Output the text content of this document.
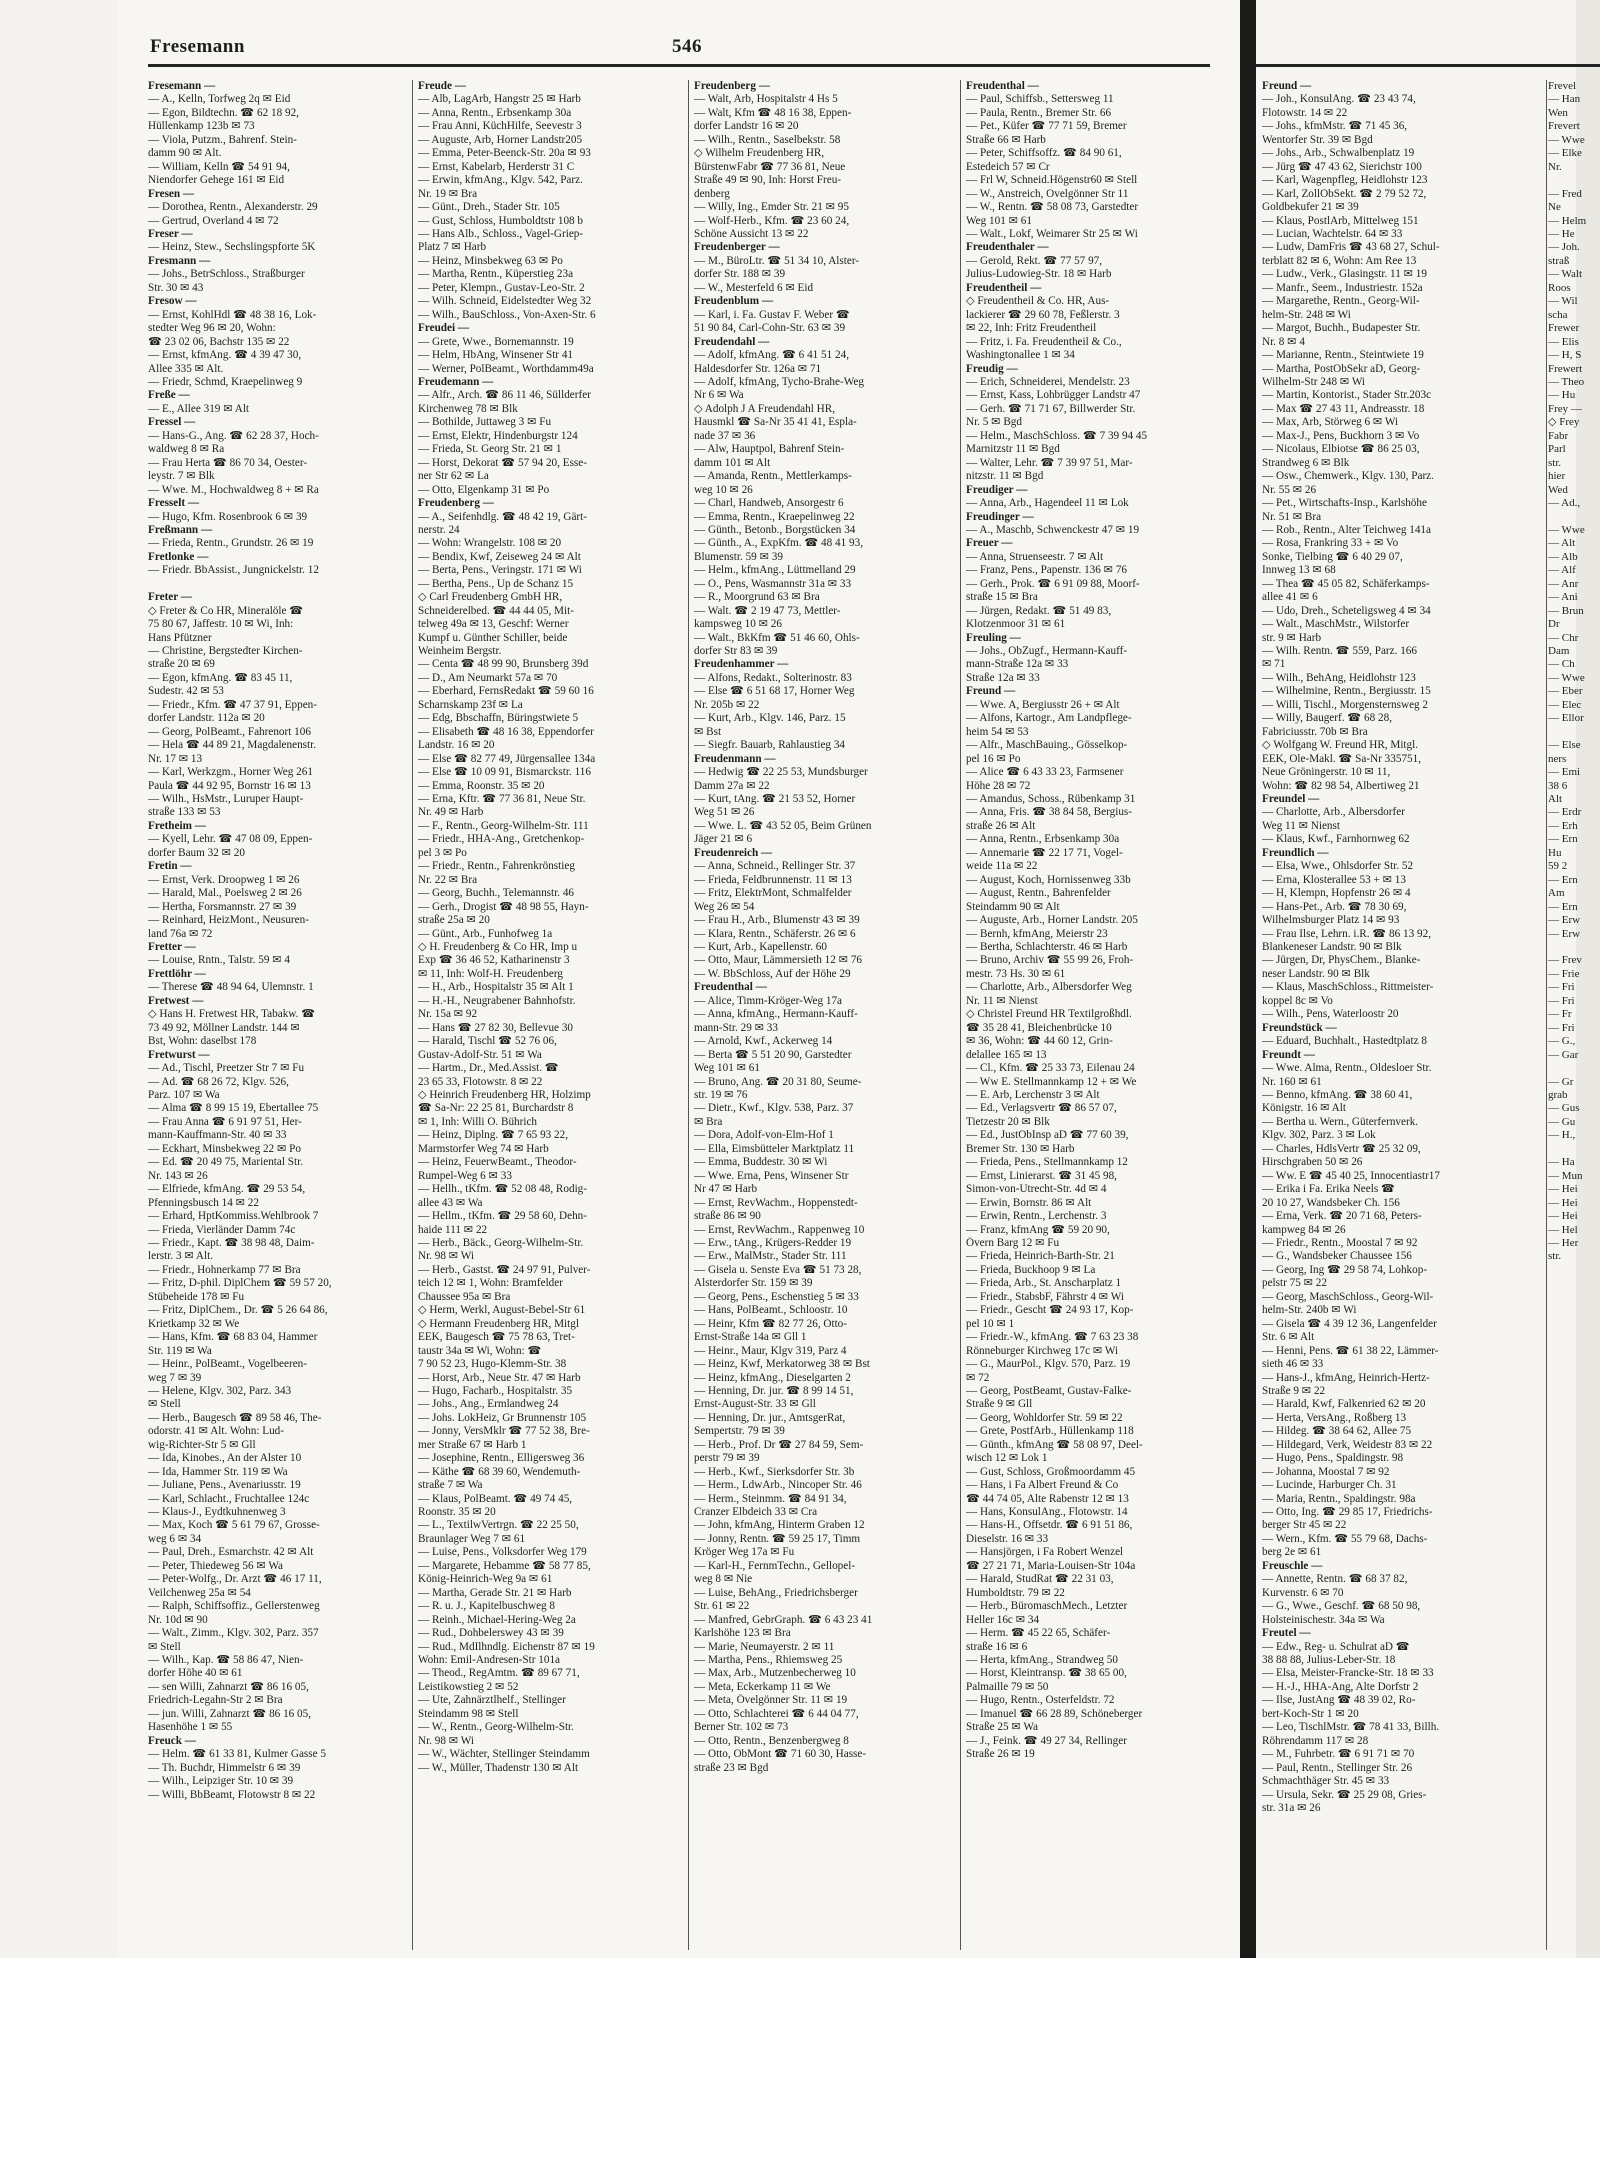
Fresemann	546
Fresemann —
— A., Kelln, Torfweg 2q ✉ Eid
— Egon, Bildtechn. ☎ 62 18 92,
Hüllenkamp 123b ✉ 73
— Viola, Putzm., Bahrenf. Stein-
damm 90 ✉ Alt.
— William, Kelln ☎ 54 91 94,
Niendorfer Gehege 161 ✉ Eid
Fresen —
— Dorothea, Rentn., Alexanderstr. 29
— Gertrud, Overland 4 ✉ 72
Freser —
— Heinz, Stew., Sechslingspforte 5K
Fresmann —
— Johs., BetrSchloss., Straßburger
Str. 30 ✉ 43
Fresow —
— Ernst, KohlHdl ☎ 48 38 16, Lok-
stedter Weg 96 ✉ 20, Wohn:
☎ 23 02 06, Bachstr 135 ✉ 22
— Ernst, kfmAng. ☎ 4 39 47 30,
Allee 335 ✉ Alt.
— Friedr, Schmd, Kraepelinweg 9
Freße —
— E., Allee 319 ✉ Alt
Fressel —
— Hans-G., Ang. ☎ 62 28 37, Hoch-
waldweg 8 ✉ Ra
— Frau Herta ☎ 86 70 34, Oester-
leystr. 7 ✉ Blk
— Wwe. M., Hochwaldweg 8 + ✉ Ra
Fresselt —
— Hugo, Kfm. Rosenbrook 6 ✉ 39
Freßmann —
— Frieda, Rentn., Grundstr. 26 ✉ 19
Fretlonke —
— Friedr. BbAssist., Jungnickelstr. 12

Freter —
◇ Freter & Co HR, Mineralöle ☎
75 80 67, Jaffestr. 10 ✉ Wi, Inh:
Hans Pfützner
— Christine, Bergstedter Kirchen-
straße 20 ✉ 69
— Egon, kfmAng. ☎ 83 45 11,
Sudestr. 42 ✉ 53
— Friedr., Kfm. ☎ 47 37 91, Eppen-
dorfer Landstr. 112a ✉ 20
— Georg, PolBeamt., Fahrenort 106
— Hela ☎ 44 89 21, Magdalenenstr.
Nr. 17 ✉ 13
— Karl, Werkzgm., Horner Weg 261
Paula ☎ 44 92 95, Bornstr 16 ✉ 13
— Wilh., HsMstr., Luruper Haupt-
straße 133 ✉ 53
Fretheim —
— Kyell, Lehr. ☎ 47 08 09, Eppen-
dorfer Baum 32 ✉ 20
Fretin —
— Ernst, Verk. Droopweg 1 ✉ 26
— Harald, Mal., Poelsweg 2 ✉ 26
— Hertha, Forsmannstr. 27 ✉ 39
— Reinhard, HeizMont., Neusuren-
land 76a ✉ 72
Fretter —
— Louise, Rntn., Talstr. 59 ✉ 4
Frettlöhr —
— Therese ☎ 48 94 64, Ulemnstr. 1
Fretwest —
◇ Hans H. Fretwest HR, Tabakw. ☎
73 49 92, Möllner Landstr. 144 ✉
Bst, Wohn: daselbst 178
Fretwurst —
— Ad., Tischl, Preetzer Str 7 ✉ Fu
— Ad. ☎ 68 26 72, Klgv. 526,
Parz. 107 ✉ Wa
— Alma ☎ 8 99 15 19, Ebertallee 75
— Frau Anna ☎ 6 91 97 51, Her-
mann-Kauffmann-Str. 40 ✉ 33
— Eckhart, Minsbekweg 22 ✉ Po
— Ed. ☎ 20 49 75, Mariental Str.
Nr. 143 ✉ 26
— Elfriede, kfmAng. ☎ 29 53 54,
Pfenningsbusch 14 ✉ 22
— Erhard, HptKommiss.Wehlbrook 7
— Frieda, Vierländer Damm 74c
— Friedr., Kapt. ☎ 38 98 48, Daim-
lerstr. 3 ✉ Alt.
— Friedr., Hohnerkamp 77 ✉ Bra
— Fritz, D-phil. DiplChem ☎ 59 57 20,
Stübeheide 178 ✉ Fu
— Fritz, DiplChem., Dr. ☎ 5 26 64 86,
Krietkamp 32 ✉ We
— Hans, Kfm. ☎ 68 83 04, Hammer
Str. 119 ✉ Wa
— Heinr., PolBeamt., Vogelbeeren-
weg 7 ✉ 39
— Helene, Klgv. 302, Parz. 343
✉ Stell
— Herb., Baugesch ☎ 89 58 46, The-
odorstr. 41 ✉ Alt. Wohn: Lud-
wig-Richter-Str 5 ✉ Gll
— Ida, Kinobes., An der Alster 10
— Ida, Hammer Str. 119 ✉ Wa
— Juliane, Pens., Avenariusstr. 19
— Karl, Schlacht., Fruchtallee 124c
— Klaus-J., Eydtkuhnenweg 3
— Max, Koch ☎ 5 61 79 67, Grosse-
weg 6 ✉ 34
— Paul, Dreh., Esmarchstr. 42 ✉ Alt
— Peter, Thiedeweg 56 ✉ Wa
— Peter-Wolfg., Dr. Arzt ☎ 46 17 11,
Veilchenweg 25a ✉ 54
— Ralph, Schiffsoffiz., Gellerstenweg
Nr. 10d ✉ 90
— Walt., Zimm., Klgv. 302, Parz. 357
✉ Stell
— Wilh., Kap. ☎ 58 86 47, Nien-
dorfer Höhe 40 ✉ 61
— sen Willi, Zahnarzt ☎ 86 16 05,
Friedrich-Legahn-Str 2 ✉ Bra
— jun. Willi, Zahnarzt ☎ 86 16 05,
Hasenhöhe 1 ✉ 55
Freuck —
— Helm. ☎ 61 33 81, Kulmer Gasse 5
— Th. Buchdr, Himmelstr 6 ✉ 39
— Wilh., Leipziger Str. 10 ✉ 39
— Willi, BbBeamt, Flotowstr 8 ✉ 22
Freude —
— Alb, LagArb, Hangstr 25 ✉ Harb
— Anna, Rentn., Erbsenkamp 30a
— Frau Anni, KüchHilfe, Seevestr 3
— Auguste, Arb, Horner Landstr205
— Emma, Peter-Beenck-Str. 20a ✉ 93
— Ernst, Kabelarb, Herderstr 31 C
— Erwin, kfmAng., Klgv. 542, Parz.
Nr. 19 ✉ Bra
— Günt., Dreh., Stader Str. 105
— Gust, Schloss, Humboldtstr 108 b
— Hans Alb., Schloss., Vagel-Griep-
Platz 7 ✉ Harb
— Heinz, Minsbekweg 63 ✉ Po
— Martha, Rentn., Küperstieg 23a
— Peter, Klempn., Gustav-Leo-Str. 2
— Wilh. Schneid, Eidelstedter Weg 32
— Wilh., BauSchloss., Von-Axen-Str. 6
Freudei —
— Grete, Wwe., Bornemannstr. 19
— Helm, HbAng, Winsener Str 41
— Werner, PolBeamt., Worthdamm49a
Freudemann —
— Alfr., Arch. ☎ 86 11 46, Süllderfer
Kirchenweg 78 ✉ Blk
— Bothilde, Juttaweg 3 ✉ Fu
— Ernst, Elektr, Hindenburgstr 124
— Frieda, St. Georg Str. 21 ✉ 1
— Horst, Dekorat ☎ 57 94 20, Esse-
ner Str 62 ✉ La
— Otto, Elgenkamp 31 ✉ Po
Freudenberg —
— A., Seifenhdlg. ☎ 48 42 19, Gärt-
nerstr. 24
— Wohn: Wrangelstr. 108 ✉ 20
— Bendix, Kwf, Zeiseweg 24 ✉ Alt
— Berta, Pens., Veringstr. 171 ✉ Wi
— Bertha, Pens., Up de Schanz 15
◇ Carl Freudenberg GmbH HR,
Schneiderelbed. ☎ 44 44 05, Mit-
telweg 49a ✉ 13, Geschf: Werner
Kumpf u. Günther Schiller, beide
Weinheim Bergstr.
— Centa ☎ 48 99 90, Brunsberg 39d
— D., Am Neumarkt 57a ✉ 70
— Eberhard, FernsRedakt ☎ 59 60 16
Scharnskamp 23f ✉ La
— Edg, Bbschaffn, Büringstwiete 5
— Elisabeth ☎ 48 16 38, Eppendorfer
Landstr. 16 ✉ 20
— Else ☎ 82 77 49, Jürgensallee 134a
— Else ☎ 10 09 91, Bismarckstr. 116
— Emma, Roonstr. 35 ✉ 20
— Erna, Kftr. ☎ 77 36 81, Neue Str.
Nr. 49 ✉ Harb
— F., Rentn., Georg-Wilhelm-Str. 111
— Friedr., HHA-Ang., Gretchenkop-
pel 3 ✉ Po
— Friedr., Rentn., Fahrenkrönstieg
Nr. 22 ✉ Bra
— Georg, Buchh., Telemannstr. 46
— Gerh., Drogist ☎ 48 98 55, Hayn-
straße 25a ✉ 20
— Günt., Arb., Funhofweg 1a
◇ H. Freudenberg & Co HR, Imp u
Exp ☎ 36 46 52, Katharinenstr 3
✉ 11, Inh: Wolf-H. Freudenberg
— H., Arb., Hospitalstr 35 ✉ Alt 1
— H.-H., Neugrabener Bahnhofstr.
Nr. 15a ✉ 92
— Hans ☎ 27 82 30, Bellevue 30
— Harald, Tischl ☎ 52 76 06,
Gustav-Adolf-Str. 51 ✉ Wa
— Hartm., Dr., Med.Assist. ☎
23 65 33, Flotowstr. 8 ✉ 22
◇ Heinrich Freudenberg HR, Holzimp
☎ Sa-Nr: 22 25 81, Burchardstr 8
✉ 1, Inh: Willi O. Bührich
— Heinz, Diplng. ☎ 7 65 93 22,
Marmstorfer Weg 74 ✉ Harb
— Heinz, FeuerwBeamt., Theodor-
Rumpel-Weg 6 ✉ 33
— Hellh., tKfm. ☎ 52 08 48, Rodig-
allee 43 ✉ Wa
— Hellm., tKfm. ☎ 29 58 60, Dehn-
haide 111 ✉ 22
— Herb., Bäck., Georg-Wilhelm-Str.
Nr. 98 ✉ Wi
— Herb., Gastst. ☎ 24 97 91, Pulver-
teich 12 ✉ 1, Wohn: Bramfelder
Chaussee 95a ✉ Bra
◇ Herm, Werkl, August-Bebel-Str 61
◇ Hermann Freudenberg HR, Mitgl
EEK, Baugesch ☎ 75 78 63, Tret-
taustr 34a ✉ Wi, Wohn: ☎
7 90 52 23, Hugo-Klemm-Str. 38
— Horst, Arb., Neue Str. 47 ✉ Harb
— Hugo, Facharb., Hospitalstr. 35
— Johs., Ang., Ermlandweg 24
— Johs. LokHeiz, Gr Brunnenstr 105
— Jonny, VersMklr ☎ 77 52 38, Bre-
mer Straße 67 ✉ Harb 1
— Josephine, Rentn., Elligersweg 36
— Käthe ☎ 68 39 60, Wendemuth-
straße 7 ✉ Wa
— Klaus, PolBeamt. ☎ 49 74 45,
Roonstr. 35 ✉ 20
— L., TextilwVertrgn. ☎ 22 25 50,
Braunlager Weg 7 ✉ 61
— Luise, Pens., Volksdorfer Weg 179
— Margarete, Hebamme ☎ 58 77 85,
König-Heinrich-Weg 9a ✉ 61
— Martha, Gerade Str. 21 ✉ Harb
— R. u. J., Kapitelbuschweg 8
— Reinh., Michael-Hering-Weg 2a
— Rud., Dohbelerswey 43 ✉ 39
— Rud., MdIlhndlg. Eichenstr 87 ✉ 19
Wohn: Emil-Andresen-Str 101a
— Theod., RegAmtm. ☎ 89 67 71,
Leistikowstieg 2 ✉ 52
— Ute, Zahnärztlhelf., Stellinger
Steindamm 98 ✉ Stell
— W., Rentn., Georg-Wilhelm-Str.
Nr. 98 ✉ Wi
— W., Wächter, Stellinger Steindamm
— W., Müller, Thadenstr 130 ✉ Alt
Freudenberg —
— Walt, Arb, Hospitalstr 4 Hs 5
— Walt, Kfm ☎ 48 16 38, Eppen-
dorfer Landstr 16 ✉ 20
— Wilh., Rentn., Saselbekstr. 58
◇ Wilhelm Freudenberg HR,
BürstenwFabr ☎ 77 36 81, Neue
Straße 49 ✉ 90, Inh: Horst Freu-
denberg
— Willy, Ing., Emder Str. 21 ✉ 95
— Wolf-Herb., Kfm. ☎ 23 60 24,
Schöne Aussicht 13 ✉ 22
Freudenberger —
— M., BüroLtr. ☎ 51 34 10, Alster-
dorfer Str. 188 ✉ 39
— W., Mesterfeld 6 ✉ Eid
Freudenblum —
— Karl, i. Fa. Gustav F. Weber ☎
51 90 84, Carl-Cohn-Str. 63 ✉ 39
Freudendahl —
— Adolf, kfmAng. ☎ 6 41 51 24,
Haldesdorfer Str. 126a ✉ 71
— Adolf, kfmAng, Tycho-Brahe-Weg
Nr 6 ✉ Wa
◇ Adolph J A Freudendahl HR,
Hausmkl ☎ Sa-Nr 35 41 41, Espla-
nade 37 ✉ 36
— Alw, Hauptpol, Bahrenf Stein-
damm 101 ✉ Alt
— Amanda, Rentn., Mettlerkamps-
weg 10 ✉ 26
— Charl, Handweb, Ansorgestr 6
— Emma, Rentn., Kraepelinweg 22
— Günth., Betonb., Borgstücken 34
— Günth., A., ExpKfm. ☎ 48 41 93,
Blumenstr. 59 ✉ 39
— Helm., kfmAng., Lüttmelland 29
— O., Pens, Wasmannstr 31a ✉ 33
— R., Moorgrund 63 ✉ Bra
— Walt. ☎ 2 19 47 73, Mettler-
kampsweg 10 ✉ 26
— Walt., BkKfm ☎ 51 46 60, Ohls-
dorfer Str 83 ✉ 39
Freudenhammer —
— Alfons, Redakt., Solterinostr. 83
— Else ☎ 6 51 68 17, Horner Weg
Nr. 205b ✉ 22
— Kurt, Arb., Klgv. 146, Parz. 15
✉ Bst
— Siegfr. Bauarb, Rahlaustieg 34
Freudenmann —
— Hedwig ☎ 22 25 53, Mundsburger
Damm 27a ✉ 22
— Kurt, tAng. ☎ 21 53 52, Horner
Weg 51 ✉ 26
— Wwe. L. ☎ 43 52 05, Beim Grünen
Jäger 21 ✉ 6
Freudenreich —
— Anna, Schneid., Rellinger Str. 37
— Frieda, Feldbrunnenstr. 11 ✉ 13
— Fritz, ElektrMont, Schmalfelder
Weg 26 ✉ 54
— Frau H., Arb., Blumenstr 43 ✉ 39
— Klara, Rentn., Schäferstr. 26 ✉ 6
— Kurt, Arb., Kapellenstr. 60
— Otto, Maur, Lämmersieth 12 ✉ 76
— W. BbSchloss, Auf der Höhe 29
Freudenthal —
— Alice, Timm-Kröger-Weg 17a
— Anna, kfmAng., Hermann-Kauff-
mann-Str. 29 ✉ 33
— Arnold, Kwf., Ackerweg 14
— Berta ☎ 5 51 20 90, Garstedter
Weg 101 ✉ 61
— Bruno, Ang. ☎ 20 31 80, Seume-
str. 19 ✉ 76
— Dietr., Kwf., Klgv. 538, Parz. 37
✉ Bra
— Dora, Adolf-von-Elm-Hof 1
— Ella, Eimsbütteler Marktplatz 11
— Emma, Buddestr. 30 ✉ Wi
— Wwe. Erna, Pens, Winsener Str
Nr 47 ✉ Harb
— Ernst, RevWachm., Hoppenstedt-
straße 86 ✉ 90
— Ernst, RevWachm., Rappenweg 10
— Erw., tAng., Krügers-Redder 19
— Erw., MalMstr., Stader Str. 111
— Gisela u. Senste Eva ☎ 51 73 28,
Alsterdorfer Str. 159 ✉ 39
— Georg, Pens., Eschenstieg 5 ✉ 33
— Hans, PolBeamt., Schloostr. 10
— Heinr, Kfm ☎ 82 77 26, Otto-
Ernst-Straße 14a ✉ Gll 1
— Heinr., Maur, Klgv 319, Parz 4
— Heinz, Kwf, Merkatorweg 38 ✉ Bst
— Heinz, kfmAng., Dieselgarten 2
— Henning, Dr. jur. ☎ 8 99 14 51,
Ernst-August-Str. 33 ✉ Gll
— Henning, Dr. jur., AmtsgerRat,
Sempertstr. 79 ✉ 39
— Herb., Prof. Dr ☎ 27 84 59, Sem-
perstr 79 ✉ 39
— Herb., Kwf., Sierksdorfer Str. 3b
— Herm., LdwArb., Nincoper Str. 46
— Herm., Steinmm. ☎ 84 91 34,
Cranzer Elbdeich 33 ✉ Cra
— John, kfmAng, Hinterm Graben 12
— Jonny, Rentn. ☎ 59 25 17, Timm
Kröger Weg 17a ✉ Fu
— Karl-H., FernmTechn., Gellopel-
weg 8 ✉ Nie
— Luise, BehAng., Friedrichsberger
Str. 61 ✉ 22
— Manfred, GebrGraph. ☎ 6 43 23 41
Karlshöhe 123 ✉ Bra
— Marie, Neumayerstr. 2 ✉ 11
— Martha, Pens., Rhiemsweg 25
— Max, Arb., Mutzenbecherweg 10
— Meta, Eckerkamp 11 ✉ We
— Meta, Övelgönner Str. 11 ✉ 19
— Otto, Schlachterei ☎ 6 44 04 77,
Berner Str. 102 ✉ 73
— Otto, Rentn., Benzenbergweg 8
— Otto, ObMont ☎ 71 60 30, Hasse-
straße 23 ✉ Bgd
Freudenthal —
— Paul, Schiffsb., Settersweg 11
— Paula, Rentn., Bremer Str. 66
— Pet., Küfer ☎ 77 71 59, Bremer
Straße 66 ✉ Harb
— Peter, Schiffsoffz. ☎ 84 90 61,
Estedeich 57 ✉ Cr
— Frl W, Schneid.Högenstr60 ✉ Stell
— W., Anstreich, Ovelgönner Str 11
— W., Rentn. ☎ 58 08 73, Garstedter
Weg 101 ✉ 61
— Walt., Lokf, Weimarer Str 25 ✉ Wi
Freudenthaler —
— Gerold, Rekt. ☎ 77 57 97,
Julius-Ludowieg-Str. 18 ✉ Harb
Freudentheil —
◇ Freudentheil & Co. HR, Aus-
lackierer ☎ 29 60 78, Feßlerstr. 3
✉ 22, Inh: Fritz Freudentheil
— Fritz, i. Fa. Freudentheil & Co.,
Washingtonallee 1 ✉ 34
Freudig —
— Erich, Schneiderei, Mendelstr. 23
— Ernst, Kass, Lohbrügger Landstr 47
— Gerh. ☎ 71 71 67, Billwerder Str.
Nr. 5 ✉ Bgd
— Helm., MaschSchloss. ☎ 7 39 94 45
Marnitzstr 11 ✉ Bgd
— Walter, Lehr. ☎ 7 39 97 51, Mar-
nitzstr. 11 ✉ Bgd
Freudiger —
— Anna, Arb., Hagendeel 11 ✉ Lok
Freudinger —
— A., Maschb, Schwenckestr 47 ✉ 19
Freuer —
— Anna, Struenseestr. 7 ✉ Alt
— Franz, Pens., Papenstr. 136 ✉ 76
— Gerh., Prok. ☎ 6 91 09 88, Moorf-
straße 15 ✉ Bra
— Jürgen, Redakt. ☎ 51 49 83,
Klotzenmoor 31 ✉ 61
Freuling —
— Johs., ObZugf., Hermann-Kauff-
mann-Straße 12a ✉ 33
Straße 12a ✉ 33
Freund —
— Wwe. A, Bergiusstr 26 + ✉ Alt
— Alfons, Kartogr., Am Landpflege-
heim 54 ✉ 53
— Alfr., MaschBauing., Gösselkop-
pel 16 ✉ Po
— Alice ☎ 6 43 33 23, Farmsener
Höhe 28 ✉ 72
— Amandus, Schoss., Rübenkamp 31
— Anna, Fris. ☎ 38 84 58, Bergius-
straße 26 ✉ Alt
— Anna, Rentn., Erbsenkamp 30a
— Annemarie ☎ 22 17 71, Vogel-
weide 11a ✉ 22
— August, Koch, Hornissenweg 33b
— August, Rentn., Bahrenfelder
Steindamm 90 ✉ Alt
— Auguste, Arb., Horner Landstr. 205
— Bernh, kfmAng, Meierstr 23
— Bertha, Schlachterstr. 46 ✉ Harb
— Bruno, Archiv ☎ 55 99 26, Froh-
mestr. 73 Hs. 30 ✉ 61
— Charlotte, Arb., Albersdorfer Weg
Nr. 11 ✉ Nienst
◇ Christel Freund HR Textilgroßhdl.
☎ 35 28 41, Bleichenbrücke 10
✉ 36, Wohn: ☎ 44 60 12, Grin-
delallee 165 ✉ 13
— Cl., Kfm. ☎ 25 33 73, Eilenau 24
— Ww E. Stellmannkamp 12 + ✉ We
— E. Arb, Lerchenstr 3 ✉ Alt
— Ed., Verlagsvertr ☎ 86 57 07,
Tietzestr 20 ✉ Blk
— Ed., JustObInsp aD ☎ 77 60 39,
Bremer Str. 130 ✉ Harb
— Frieda, Pens., Stellmannkamp 12
— Ernst, Linierarst. ☎ 31 45 98,
Simon-von-Utrecht-Str. 4d ✉ 4
— Erwin, Bornstr. 86 ✉ Alt
— Erwin, Rentn., Lerchenstr. 3
— Franz, kfmAng ☎ 59 20 90,
Övern Barg 12 ✉ Fu
— Frieda, Heinrich-Barth-Str. 21
— Frieda, Buckhoop 9 ✉ La
— Frieda, Arb., St. Anscharplatz 1
— Friedr., StabsbF, Fährstr 4 ✉ Wi
— Friedr., Gescht ☎ 24 93 17, Kop-
pel 10 ✉ 1
— Friedr.-W., kfmAng. ☎ 7 63 23 38
Rönneburger Kirchweg 17c ✉ Wi
— G., MaurPol., Klgv. 570, Parz. 19
✉ 72
— Georg, PostBeamt, Gustav-Falke-
Straße 9 ✉ Gll
— Georg, Wohldorfer Str. 59 ✉ 22
— Grete, PostfArb., Hüllenkamp 118
— Günth., kfmAng ☎ 58 08 97, Deel-
wisch 12 ✉ Lok 1
— Gust, Schloss, Großmoordamm 45
— Hans, i Fa Albert Freund & Co
☎ 44 74 05, Alte Rabenstr 12 ✉ 13
— Hans, KonsulAng., Flotowstr. 14
— Hans-H., Offsetdr. ☎ 6 91 51 86,
Dieselstr. 16 ✉ 33
— Hansjörgen, i Fa Robert Wenzel
☎ 27 21 71, Maria-Louisen-Str 104a
— Harald, StudRat ☎ 22 31 03,
Humboldtstr. 79 ✉ 22
— Herb., BüromaschMech., Letzter
Heller 16c ✉ 34
— Herm. ☎ 45 22 65, Schäfer-
straße 16 ✉ 6
— Herta, kfmAng., Strandweg 50
— Horst, Kleintransp. ☎ 38 65 00,
Palmaille 79 ✉ 50
— Hugo, Rentn., Osterfeldstr. 72
— Imanuel ☎ 66 28 89, Schöneberger
Straße 25 ✉ Wa
— J., Feink. ☎ 49 27 34, Rellinger
Straße 26 ✉ 19
Freund —
— Joh., KonsulAng. ☎ 23 43 74,
Flotowstr. 14 ✉ 22
— Johs., kfmMstr. ☎ 71 45 36,
Wentorfer Str. 39 ✉ Bgd
— Johs., Arb., Schwalbenplatz 19
— Jürg ☎ 47 43 62, Sierichstr 100
— Karl, Wagenpfleg, Heidlohstr 123
— Karl, ZollObSekt. ☎ 2 79 52 72,
Goldbekufer 21 ✉ 39
— Klaus, PostlArb, Mittelweg 151
— Lucian, Wachtelstr. 64 ✉ 33
— Ludw, DamFris ☎ 43 68 27, Schul-
terblatt 82 ✉ 6, Wohn: Am Ree 13
— Ludw., Verk., Glasingstr. 11 ✉ 19
— Manfr., Seem., Industriestr. 152a
— Margarethe, Rentn., Georg-Wil-
helm-Str. 248 ✉ Wi
— Margot, Buchh., Budapester Str.
Nr. 8 ✉ 4
— Marianne, Rentn., Steintwiete 19
— Martha, PostObSekr aD, Georg-
Wilhelm-Str 248 ✉ Wi
— Martin, Kontorist., Stader Str.203c
— Max ☎ 27 43 11, Andreasstr. 18
— Max, Arb, Störweg 6 ✉ Wi
— Max-J., Pens, Buckhorn 3 ✉ Vo
— Nicolaus, Elbiotse ☎ 86 25 03,
Strandweg 6 ✉ Blk
— Osw., Chemwerk., Klgv. 130, Parz.
Nr. 55 ✉ 26
— Pet., Wirtschafts-Insp., Karlshöhe
Nr. 51 ✉ Bra
— Rob., Rentn., Alter Teichweg 141a
— Rosa, Frankring 33 + ✉ Vo
Sonke, Tielbing ☎ 6 40 29 07,
Innweg 13 ✉ 68
— Thea ☎ 45 05 82, Schäferkamps-
allee 41 ✉ 6
— Udo, Dreh., Scheteligsweg 4 ✉ 34
— Walt., MaschMstr., Wilstorfer
str. 9 ✉ Harb
— Wilh. Rentn. ☎ 559, Parz. 166
✉ 71
— Wilh., BehAng, Heidlohstr 123
— Wilhelmine, Rentn., Bergiusstr. 15
— Willi, Tischl., Morgensternsweg 2
— Willy, Baugerf. ☎ 68 28,
Fabriciusstr. 70b ✉ Bra
◇ Wolfgang W. Freund HR, Mitgl.
EEK, Ole-Makl. ☎ Sa-Nr 335751,
Neue Gröningerstr. 10 ✉ 11,
Wohn: ☎ 82 98 54, Albertiweg 21
Freundel —
— Charlotte, Arb., Albersdorfer
Weg 11 ✉ Nienst
— Klaus, Kwf., Farnhornweg 62
Freundlich —
— Elsa, Wwe., Ohlsdorfer Str. 52
— Erna, Klosterallee 53 + ✉ 13
— H, Klempn, Hopfenstr 26 ✉ 4
— Hans-Pet., Arb. ☎ 78 30 69,
Wilhelmsburger Platz 14 ✉ 93
— Frau Ilse, Lehrn. i.R. ☎ 86 13 92,
Blankeneser Landstr. 90 ✉ Blk
— Jürgen, Dr, PhysChem., Blanke-
neser Landstr. 90 ✉ Blk
— Klaus, MaschSchloss., Rittmeister-
koppel 8c ✉ Vo
— Wilh., Pens, Waterloostr 20
Freundstück —
— Eduard, Buchhalt., Hastedtplatz 8
Freundt —
— Wwe. Alma, Rentn., Oldesloer Str.
Nr. 160 ✉ 61
— Benno, kfmAng. ☎ 38 60 41,
Königstr. 16 ✉ Alt
— Bertha u. Wern., Güterfernverk.
Klgv. 302, Parz. 3 ✉ Lok
— Charles, HdlsVertr ☎ 25 32 09,
Hirschgraben 50 ✉ 26
— Ww. E ☎ 45 40 25, Innocentiastr17
— Erika i Fa. Erika Neels ☎
20 10 27, Wandsbeker Ch. 156
— Erna, Verk. ☎ 20 71 68, Peters-
kampweg 84 ✉ 26
— Friedr., Rentn., Moostal 7 ✉ 92
— G., Wandsbeker Chaussee 156
— Georg, Ing ☎ 29 58 74, Lohkop-
pelstr 75 ✉ 22
— Georg, MaschSchloss., Georg-Wil-
helm-Str. 240b ✉ Wi
— Gisela ☎ 4 39 12 36, Langenfelder
Str. 6 ✉ Alt
— Henni, Pens. ☎ 61 38 22, Lämmer-
sieth 46 ✉ 33
— Hans-J., kfmAng, Heinrich-Hertz-
Straße 9 ✉ 22
— Harald, Kwf, Falkenried 62 ✉ 20
— Herta, VersAng., Roßberg 13
— Hildeg. ☎ 38 64 62, Allee 75
— Hildegard, Verk, Weidestr 83 ✉ 22
— Hugo, Pens., Spaldingstr. 98
— Johanna, Moostal 7 ✉ 92
— Lucinde, Harburger Ch. 31
— Maria, Rentn., Spaldingstr. 98a
— Otto, Ing. ☎ 29 85 17, Friedrichs-
berger Str 45 ✉ 22
— Wern., Kfm. ☎ 55 79 68, Dachs-
berg 2e ✉ 61
Freuschle —
— Annette, Rentn. ☎ 68 37 82,
Kurvenstr. 6 ✉ 70
— G., Wwe., Geschf. ☎ 68 50 98,
Holsteinischestr. 34a ✉ Wa
Freutel —
— Edw., Reg- u. Schulrat aD ☎
38 88 88, Julius-Leber-Str. 18
— Elsa, Meister-Francke-Str. 18 ✉ 33
— H.-J., HHA-Ang, Alte Dorfstr 2
— Ilse, JustAng ☎ 48 39 02, Ro-
bert-Koch-Str 1 ✉ 20
— Leo, TischlMstr. ☎ 78 41 33, Billh.
Röhrendamm 117 ✉ 28
— M., Fuhrbetr. ☎ 6 91 71 ✉ 70
— Paul, Rentn., Stellinger Str. 26
Schmachthäger Str. 45 ✉ 33
— Ursula, Sekr. ☎ 25 29 08, Gries-
str. 31a ✉ 26
Frevel
— Han
Wen
Frevert
— Wwe
— Elke
Nr.

— Fred
Ne
— Helm
— He
— Joh.
straß
— Walt
Roos
— Wil
scha
Frewer
— Elis
— H, S
Frewert
— Theo
— Hu
Frey —
◇ Frey
Fabr
Parl
str.
hier
Wed
— Ad.,

— Wwe
— Alt
— Alb
— Alf
— Anr
— Ani
— Brun
Dr
— Chr
Dam
— Ch
— Wwe
— Eber
— Elec
— Ellor

— Else
ners
— Emi
38 6
Alt
— Erdr
— Erh
— Ern
Hu
59 2
— Ern
Am
— Ern
— Erw
— Erw

— Frev
— Frie
— Fri
— Fri
— Fr
— Fri
— G.,
— Gar

— Gr
grab
— Gus
— Gu
— H.,

— Ha
— Mun
— Hei
— Hei
— Hei
— Hel
— Her
str.
